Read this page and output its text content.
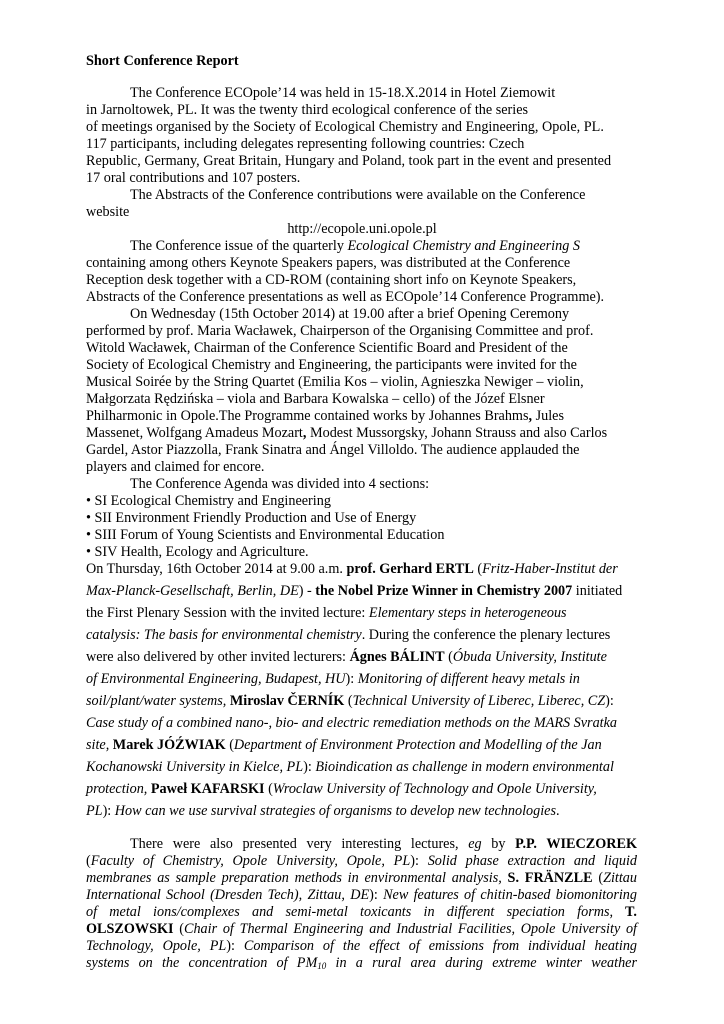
Short Conference Report
The Conference ECOpole’14 was held in 15-18.X.2014 in Hotel Ziemowit
in Jarnoltowek, PL. It was the twenty third ecological conference of the series
of meetings organised by the Society of Ecological Chemistry and Engineering, Opole, PL.
117 participants, including delegates representing following countries: Czech
Republic, Germany, Great Britain, Hungary and Poland, took part in the event and presented
17 oral contributions and 107 posters.
The Abstracts of the Conference contributions were available on the Conference
website
http://ecopole.uni.opole.pl
The Conference issue of the quarterly Ecological Chemistry and Engineering S
containing among others Keynote Speakers papers, was distributed at the Conference
Reception desk together with a CD-ROM (containing short info on Keynote Speakers,
Abstracts of the Conference presentations as well as ECOpole’14 Conference Programme).
On Wednesday (15th October 2014) at 19.00 after a brief Opening Ceremony
performed by prof. Maria Wacławek, Chairperson of the Organising Committee and prof.
Witold Wacławek, Chairman of the Conference Scientific Board and President of the
Society of Ecological Chemistry and Engineering, the participants were invited for the
Musical Soirée by the String Quartet (Emilia Kos – violin, Agnieszka Newiger – violin,
Małgorzata Rędzińska – viola and Barbara Kowalska – cello) of the Józef Elsner
Philharmonic in Opole.The Programme contained works by Johannes Brahms, Jules
Massenet, Wolfgang Amadeus Mozart, Modest Mussorgsky, Johann Strauss and also Carlos
Gardel, Astor Piazzolla, Frank Sinatra and Ángel Villoldo. The audience applauded the
players and claimed for encore.
The Conference Agenda was divided into 4 sections:
• SI Ecological Chemistry and Engineering
• SII Environment Friendly Production and Use of Energy
• SIII Forum of Young Scientists and Environmental Education
• SIV Health, Ecology and Agriculture.
On Thursday, 16th October 2014 at 9.00 a.m. prof. Gerhard ERTL (Fritz-Haber-Institut der
Max-Planck-Gesellschaft, Berlin, DE) - the Nobel Prize Winner in Chemistry 2007 initiated
the First Plenary Session with the invited lecture: Elementary steps in heterogeneous
catalysis: The basis for environmental chemistry. During the conference the plenary lectures
were also delivered by other invited lecturers: Ágnes BÁLINT (Óbuda University, Institute
of Environmental Engineering, Budapest, HU): Monitoring of different heavy metals in
soil/plant/water systems, Miroslav ČERNÍK (Technical University of Liberec, Liberec, CZ):
Case study of a combined nano-, bio- and electric remediation methods on the MARS Svratka
site, Marek JÓŹWIAK (Department of Environment Protection and Modelling of the Jan
Kochanowski University in Kielce, PL): Bioindication as challenge in modern environmental
protection, Paweł KAFARSKI (Wroclaw University of Technology and Opole University,
PL): How can we use survival strategies of organisms to develop new technologies.
There were also presented very interesting lectures, eg by P.P. WIECZOREK
(Faculty of Chemistry, Opole University, Opole, PL): Solid phase extraction and liquid
membranes as sample preparation methods in environmental analysis, S. FRÄNZLE (Zittau
International School (Dresden Tech), Zittau, DE): New features of chitin-based biomonitoring
of metal ions/complexes and semi-metal toxicants in different speciation forms, T.
OLSZOWSKI (Chair of Thermal Engineering and Industrial Facilities, Opole University of
Technology, Opole, PL): Comparison of the effect of emissions from individual heating
systems on the concentration of $PM_{10}$ in a rural area during extreme winter weather
